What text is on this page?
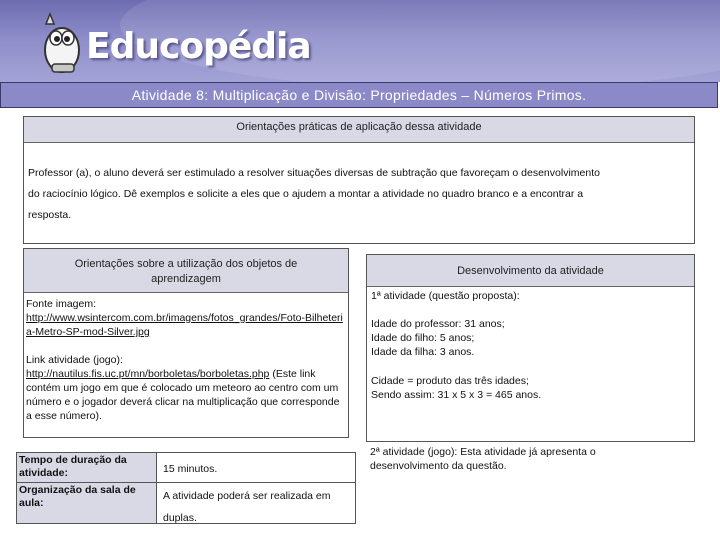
Educopédia
Atividade 8: Multiplicação e Divisão: Propriedades – Números Primos.
Orientações práticas de aplicação dessa atividade
Professor (a), o aluno deverá ser estimulado a resolver situações diversas de subtração que favoreçam o desenvolvimento
do raciocínio lógico. Dê exemplos e solicite a eles que o ajudem a montar a atividade no quadro branco e a encontrar a
resposta.
Orientações sobre a utilização dos objetos de aprendizagem
Fonte imagem:
http://www.wsintercom.com.br/imagens/fotos_grandes/Foto-Bilheteria-Metro-SP-mod-Silver.jpg
Link atividade (jogo):
http://nautilus.fis.uc.pt/mn/borboletas/borboletas.php (Este link contém um jogo em que é colocado um meteoro ao centro com um número e o jogador deverá clicar na multiplicação que corresponde a esse número).
Tempo de duração da atividade:	15 minutos.
Organização da sala de aula:
A atividade poderá ser realizada em duplas.
Desenvolvimento da atividade
1ª atividade (questão proposta):
Idade do professor: 31 anos;
Idade do filho: 5 anos;
Idade da filha: 3 anos.
Cidade = produto das três idades;
Sendo assim: 31 x 5 x 3 = 465 anos.
2ª atividade (jogo): Esta atividade já apresenta o desenvolvimento da questão.
